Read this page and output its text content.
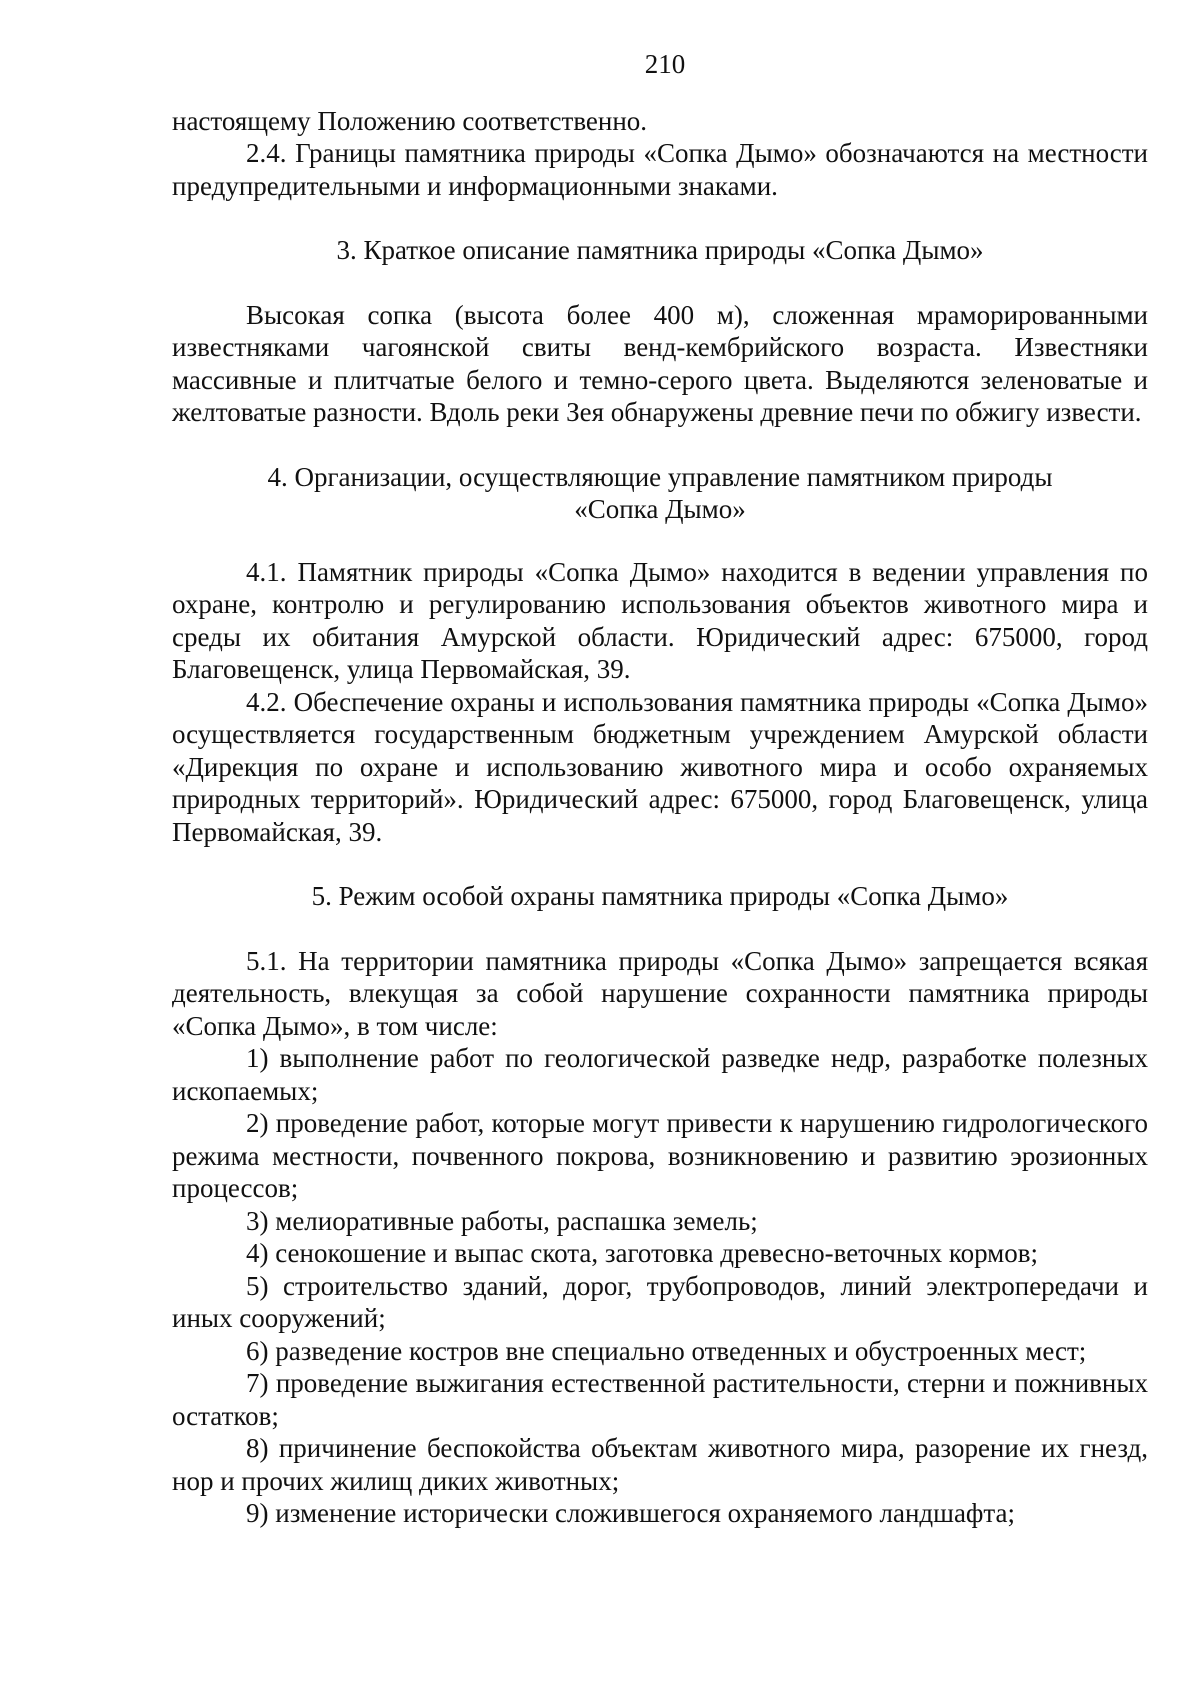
210

настоящему Положению соответственно.

2.4. Границы памятника природы «Сопка Дымо» обозначаются на местности предупредительными и информационными знаками.

3. Краткое описание памятника природы «Сопка Дымо»

Высокая сопка (высота более 400 м), сложенная мраморированными известняками чагоянской свиты венд-кембрийского возраста. Известняки массивные и плитчатые белого и темно-серого цвета. Выделяются зеленоватые и желтоватые разности. Вдоль реки Зея обнаружены древние печи по обжигу извести.

4. Организации, осуществляющие управление памятником природы
«Сопка Дымо»

4.1. Памятник природы «Сопка Дымо» находится в ведении управления по охране, контролю и регулированию использования объектов животного мира и среды их обитания Амурской области. Юридический адрес: 675000, город Благовещенск, улица Первомайская, 39.

4.2. Обеспечение охраны и использования памятника природы «Сопка Дымо» осуществляется государственным бюджетным учреждением Амурской области «Дирекция по охране и использованию животного мира и особо охраняемых природных территорий». Юридический адрес: 675000, город Благовещенск, улица Первомайская, 39.

5. Режим особой охраны памятника природы «Сопка Дымо»

5.1. На территории памятника природы «Сопка Дымо» запрещается всякая деятельность, влекущая за собой нарушение сохранности памятника природы «Сопка Дымо», в том числе:

1) выполнение работ по геологической разведке недр, разработке полезных ископаемых;

2) проведение работ, которые могут привести к нарушению гидрологического режима местности, почвенного покрова, возникновению и развитию эрозионных процессов;

3) мелиоративные работы, распашка земель;

4) сенокошение и выпас скота, заготовка древесно-веточных кормов;

5) строительство зданий, дорог, трубопроводов, линий электропередачи и иных сооружений;

6) разведение костров вне специально отведенных и обустроенных мест;

7) проведение выжигания естественной растительности, стерни и пожнивных остатков;

8) причинение беспокойства объектам животного мира, разорение их гнезд, нор и прочих жилищ диких животных;

9) изменение исторически сложившегося охраняемого ландшафта;
